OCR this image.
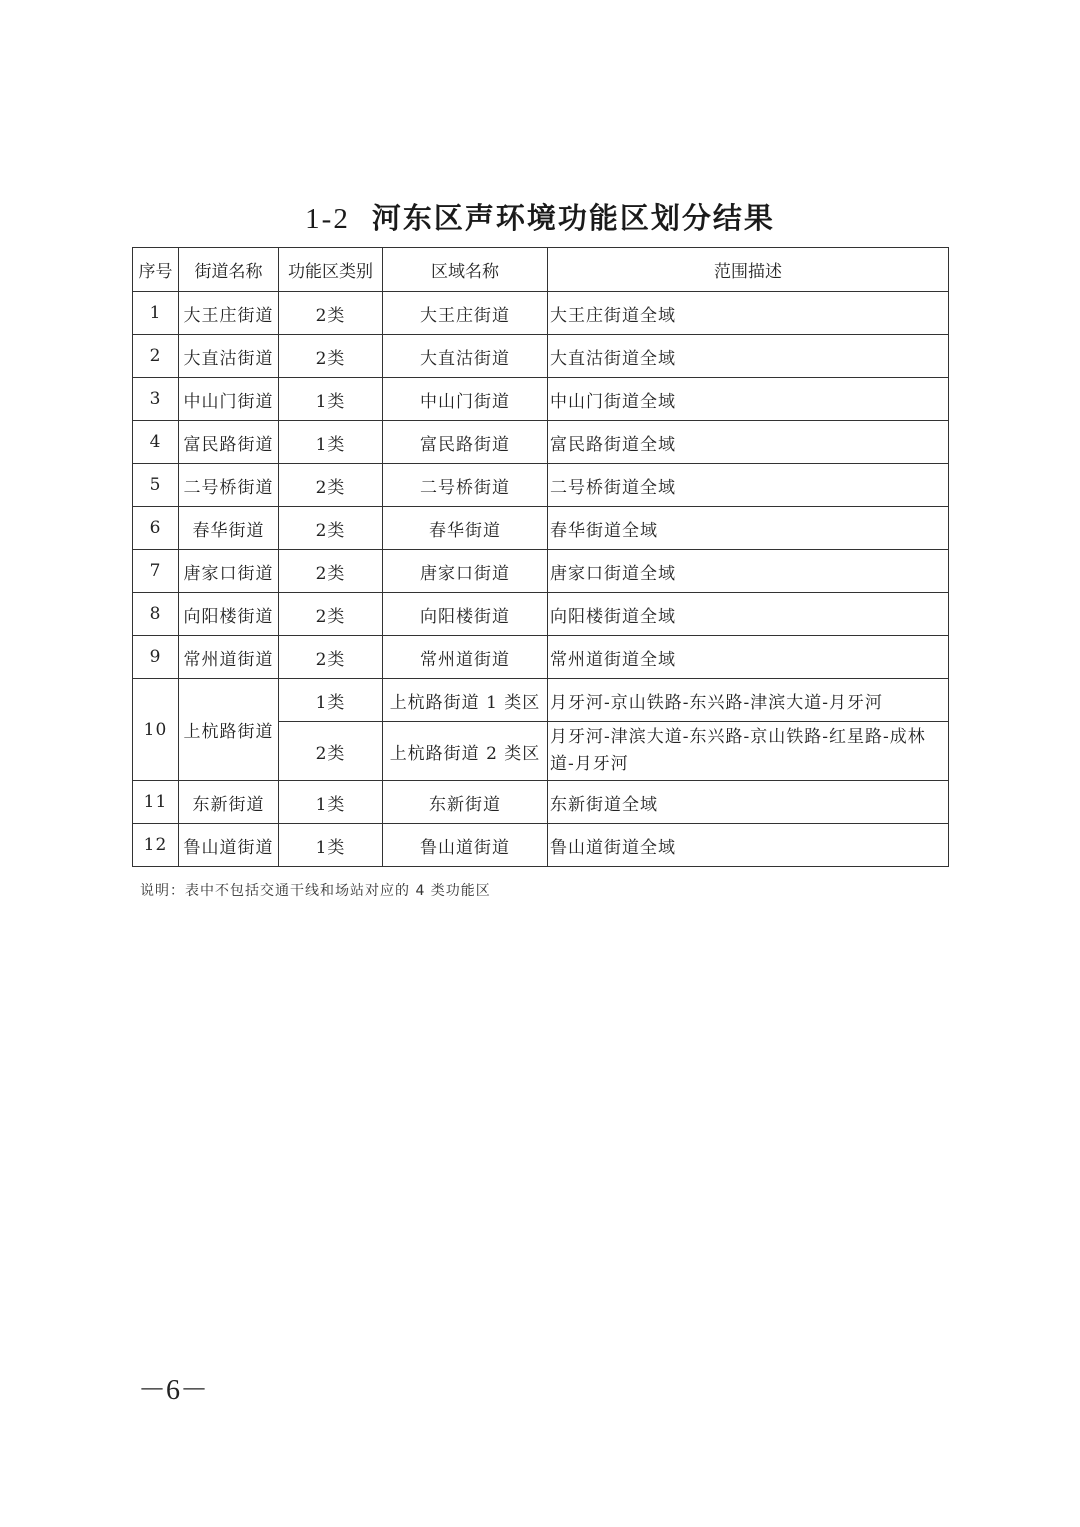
1-2 河东区声环境功能区划分结果
序号	街道名称	功能区类别	区域名称	范围描述
1	大王庄街道	2类	大王庄街道	大王庄街道全域
2	大直沽街道	2类	大直沽街道	大直沽街道全域
3	中山门街道	1类	中山门街道	中山门街道全域
4	富民路街道	1类	富民路街道	富民路街道全域
5	二号桥街道	2类	二号桥街道	二号桥街道全域
6	春华街道	2类	春华街道	春华街道全域
7	唐家口街道	2类	唐家口街道	唐家口街道全域
8	向阳楼街道	2类	向阳楼街道	向阳楼街道全域
9	常州道街道	2类	常州道街道	常州道街道全域
10	上杭路街道	1类	上杭路街道 1 类区	月牙河-京山铁路-东兴路-津滨大道-月牙河
		2类	上杭路街道 2 类区	月牙河-津滨大道-东兴路-京山铁路-红星路-成林道-月牙河
11	东新街道	1类	东新街道	东新街道全域
12	鲁山道街道	1类	鲁山道街道	鲁山道街道全域
说明：表中不包括交通干线和场站对应的 4 类功能区
－6－
